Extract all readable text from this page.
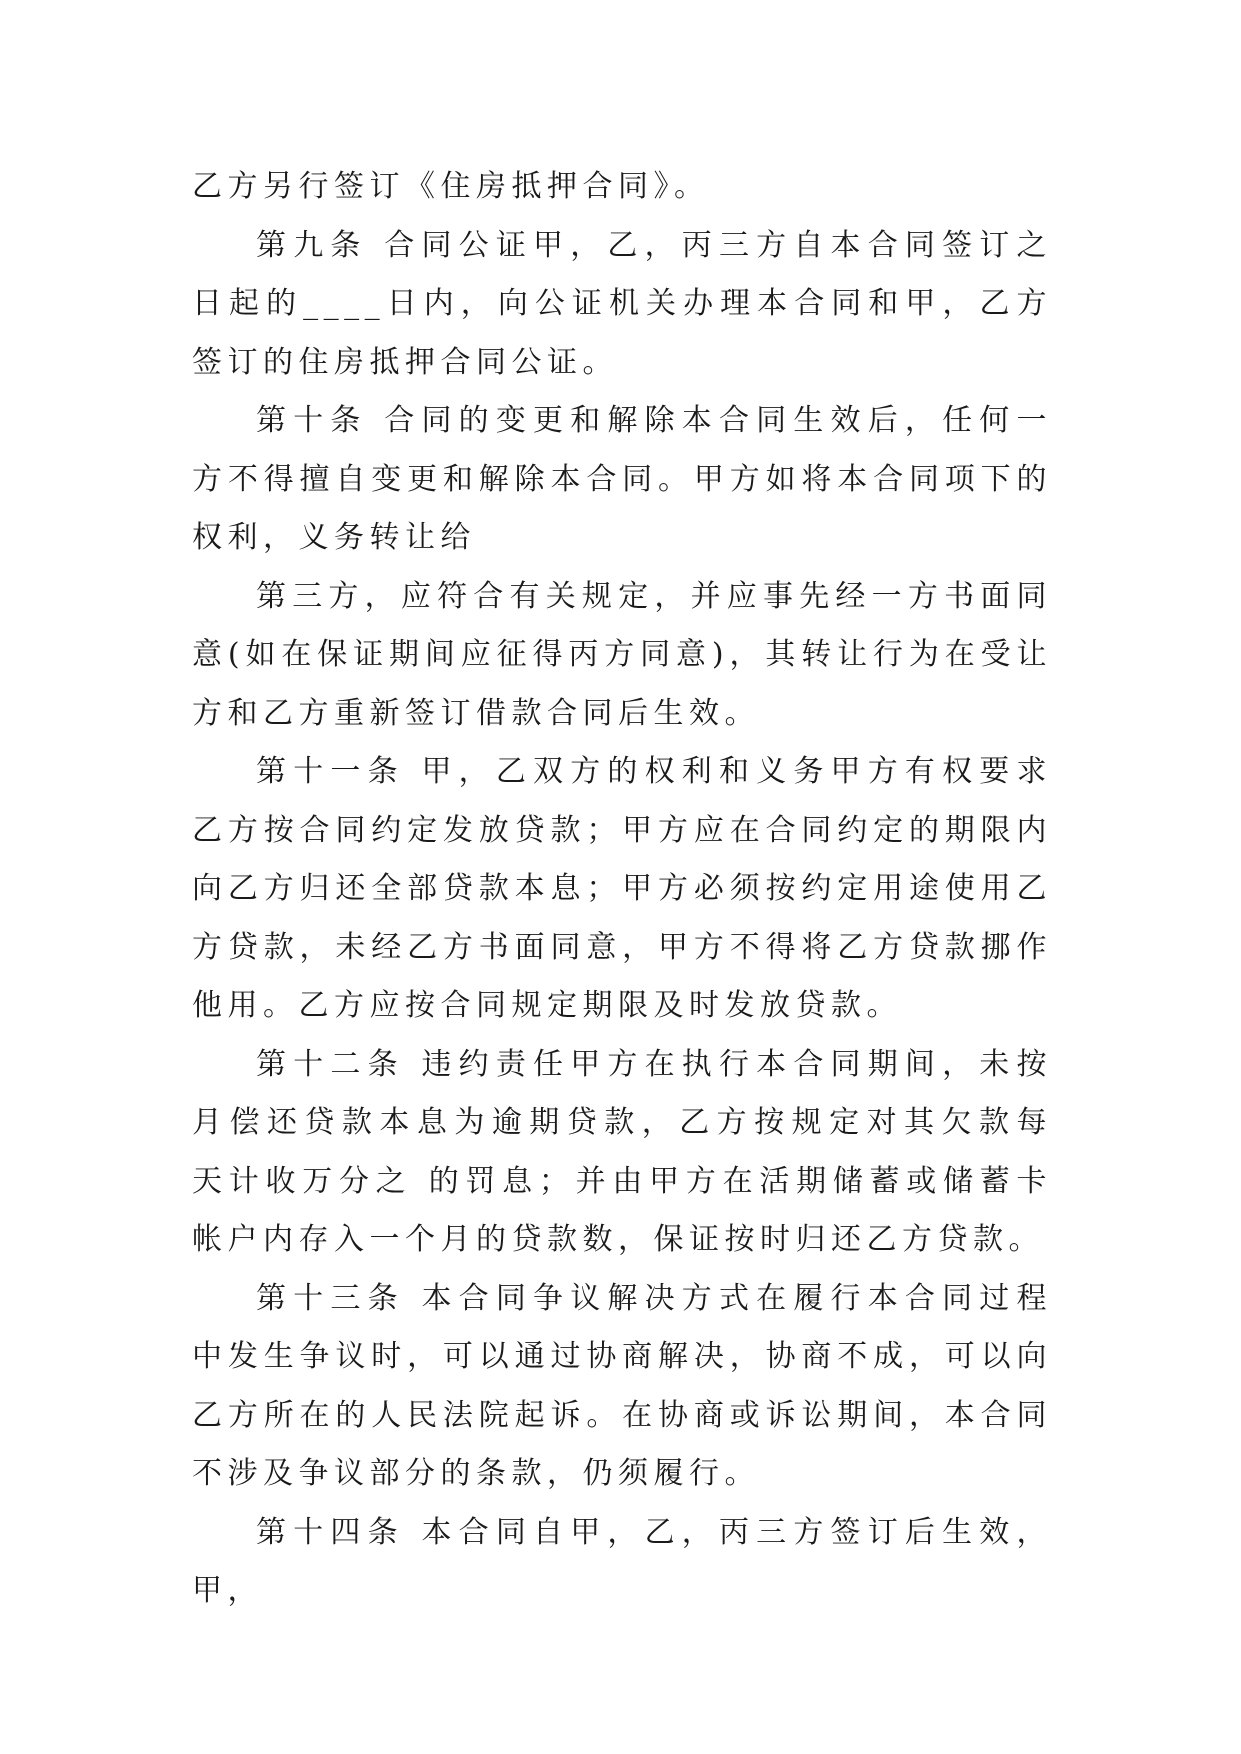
乙方另行签订《住房抵押合同》。

第九条 合同公证甲，乙，丙三方自本合同签订之日起的____日内，向公证机关办理本合同和甲，乙方签订的住房抵押合同公证。

第十条 合同的变更和解除本合同生效后，任何一方不得擅自变更和解除本合同。甲方如将本合同项下的权利，义务转让给

第三方，应符合有关规定，并应事先经一方书面同意(如在保证期间应征得丙方同意)，其转让行为在受让方和乙方重新签订借款合同后生效。

第十一条 甲，乙双方的权利和义务甲方有权要求乙方按合同约定发放贷款；甲方应在合同约定的期限内向乙方归还全部贷款本息；甲方必须按约定用途使用乙方贷款，未经乙方书面同意，甲方不得将乙方贷款挪作他用。乙方应按合同规定期限及时发放贷款。

第十二条 违约责任甲方在执行本合同期间，未按月偿还贷款本息为逾期贷款，乙方按规定对其欠款每 天计收万分之 的罚息；并由甲方在活期储蓄或储蓄卡帐户内存入一个月的贷款数，保证按时归还乙方贷款。

第十三条 本合同争议解决方式在履行本合同过程中发生争议时，可以通过协商解决，协商不成，可以向乙方所在的人民法院起诉。在协商或诉讼期间，本合同不涉及争议部分的条款，仍须履行。

第十四条 本合同自甲，乙，丙三方签订后生效，甲，
